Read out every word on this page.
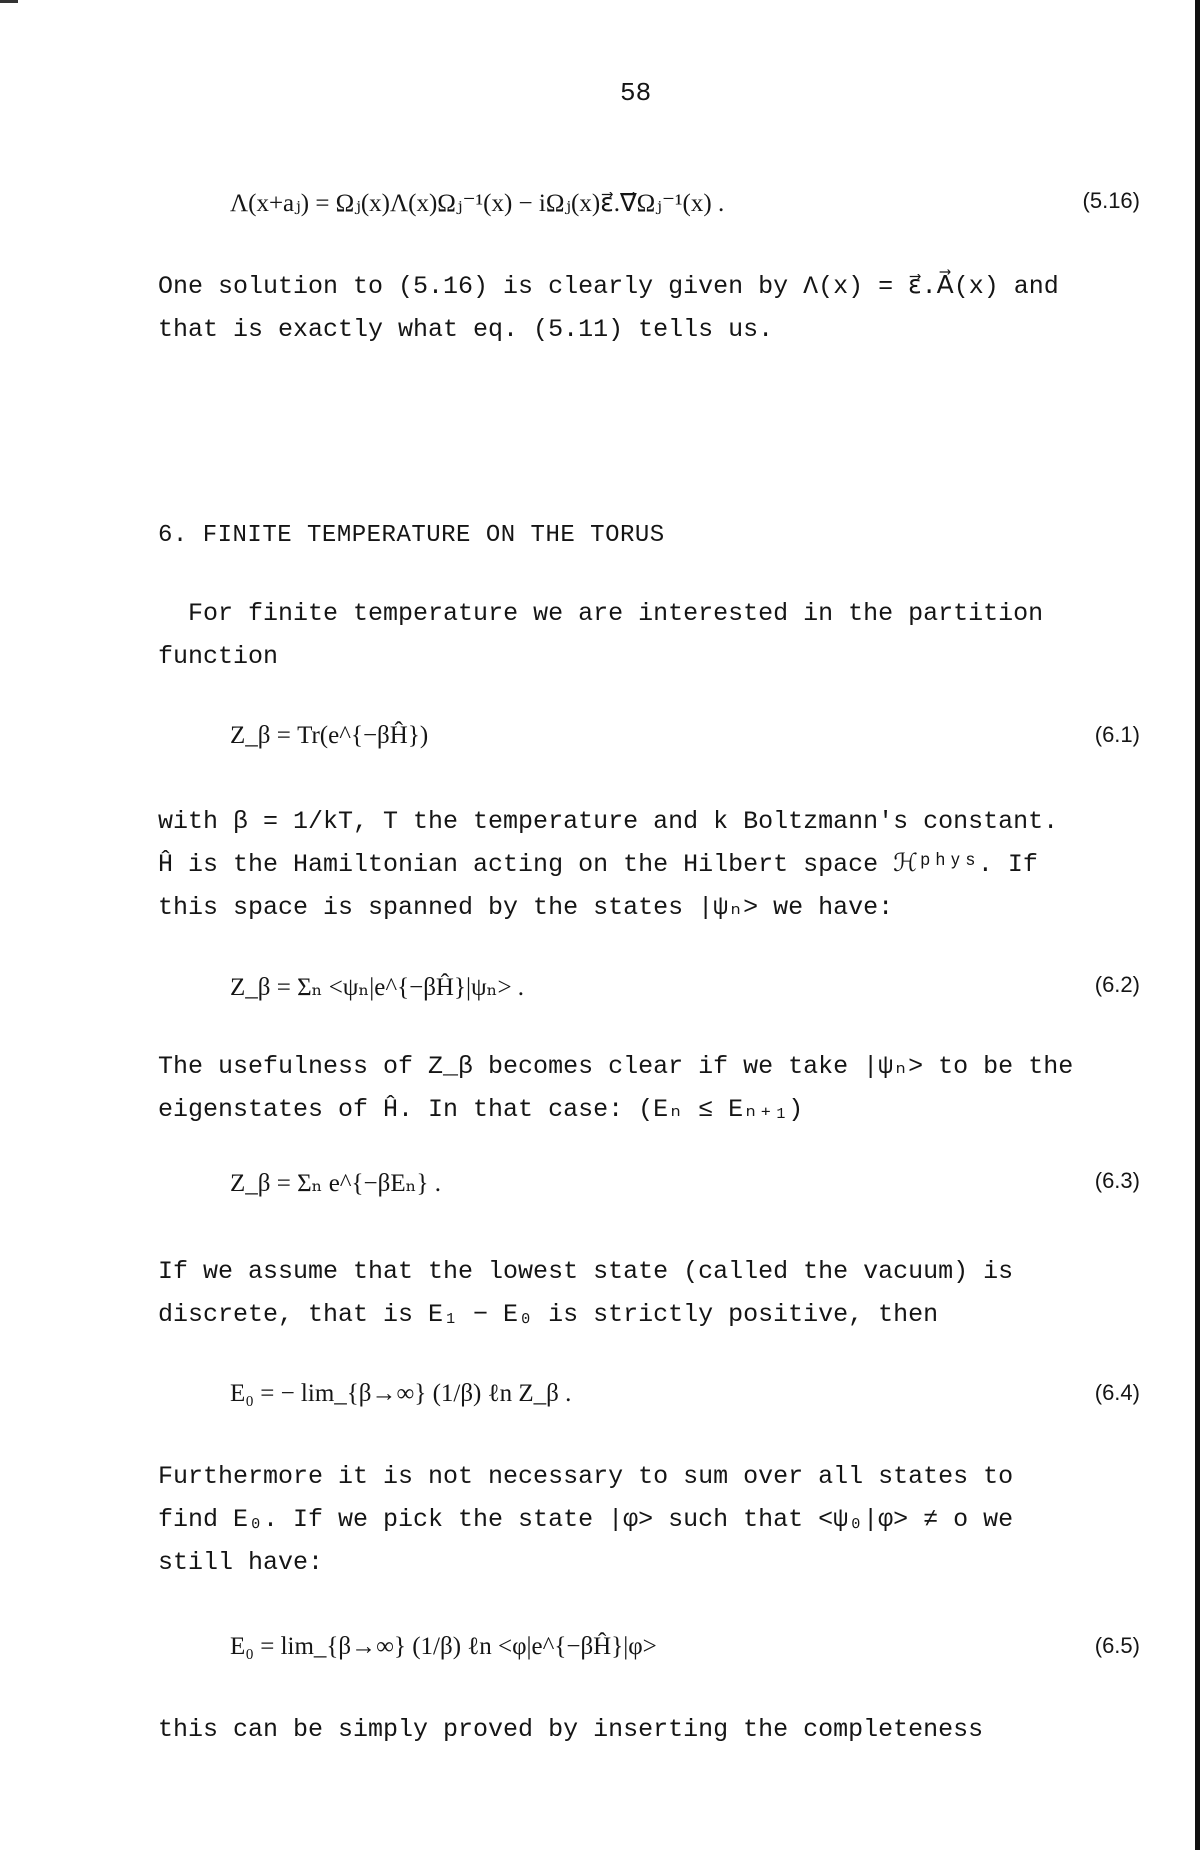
58
Λ(x+aⱼ) = Ωⱼ(x)Λ(x)Ωⱼ⁻¹(x) − iΩⱼ(x)ε⃗.∇⃗Ωⱼ⁻¹(x) .	(5.16)
One solution to (5.16) is clearly given by Λ(x) = ε⃗.A⃗(x) and
that is exactly what eq. (5.11) tells us.
6. FINITE TEMPERATURE ON THE TORUS
For finite temperature we are interested in the partition
function
Z_β = Tr(e^{−βĤ})	(6.1)
with β = 1/kT, T the temperature and k Boltzmann's constant.
Ĥ is the Hamiltonian acting on the Hilbert space ℋᵖʰʸˢ. If
this space is spanned by the states |ψₙ> we have:
Z_β = Σₙ <ψₙ|e^{−βĤ}|ψₙ> .	(6.2)
The usefulness of Z_β becomes clear if we take |ψₙ> to be the
eigenstates of Ĥ. In that case: (Eₙ ≤ Eₙ₊₁)
Z_β = Σₙ e^{−βEₙ} .	(6.3)
If we assume that the lowest state (called the vacuum) is
discrete, that is E₁ − E₀ is strictly positive, then
E₀ = − lim_{β→∞} (1/β) ℓn Z_β .	(6.4)
Furthermore it is not necessary to sum over all states to
find E₀. If we pick the state |φ> such that <ψ₀|φ> ≠ o we
still have:
E₀ = lim_{β→∞} (1/β) ℓn <φ|e^{−βĤ}|φ>	(6.5)
this can be simply proved by inserting the completeness
